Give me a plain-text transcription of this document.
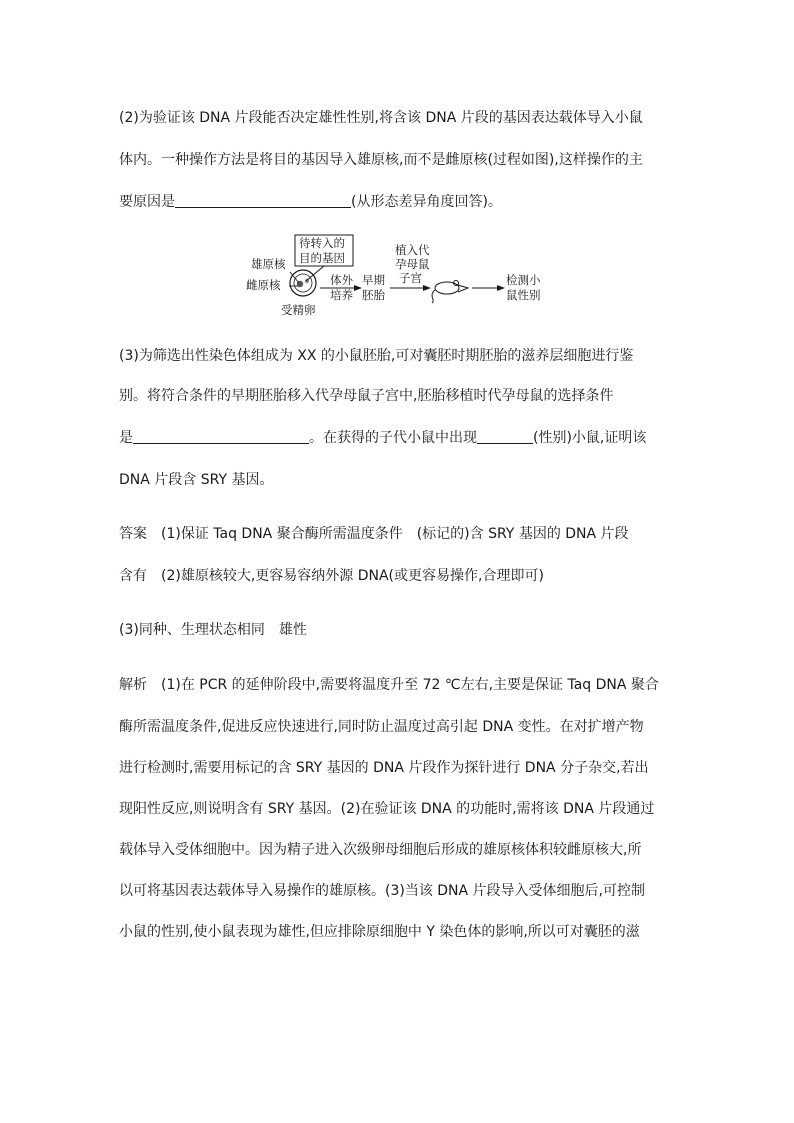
(2)为验证该 DNA 片段能否决定雄性性别,将含该 DNA 片段的基因表达载体导入小鼠
体内。一种操作方法是将目的基因导入雄原核,而不是雌原核(过程如图),这样操作的主
要原因是	(从形态差异角度回答)。
雄原核
雌原核
待转入的
目的基因
受精卵
体外
培养
早期
胚胎
植入代
孕母鼠
子宫	检测小
鼠性别
(3)为筛选出性染色体组成为 XX 的小鼠胚胎,可对囊胚时期胚胎的滋养层细胞进行鉴
别。将符合条件的早期胚胎移入代孕母鼠子宫中,胚胎移植时代孕母鼠的选择条件
是	。在获得的子代小鼠中出现	(性别)小鼠,证明该
DNA 片段含 SRY 基因。
答案 (1)保证 Taq DNA 聚合酶所需温度条件 (标记的)含 SRY 基因的 DNA 片段
含有 (2)雄原核较大,更容易容纳外源 DNA(或更容易操作,合理即可)
(3)同种、生理状态相同 雄性
解析 (1)在 PCR 的延伸阶段中,需要将温度升至 72 ℃左右,主要是保证 Taq DNA 聚合
酶所需温度条件,促进反应快速进行,同时防止温度过高引起 DNA 变性。在对扩增产物
进行检测时,需要用标记的含 SRY 基因的 DNA 片段作为探针进行 DNA 分子杂交,若出
现阳性反应,则说明含有 SRY 基因。(2)在验证该 DNA 的功能时,需将该 DNA 片段通过
载体导入受体细胞中。因为精子进入次级卵母细胞后形成的雄原核体积较雌原核大,所
以可将基因表达载体导入易操作的雄原核。(3)当该 DNA 片段导入受体细胞后,可控制
小鼠的性别,使小鼠表现为雄性,但应排除原细胞中 Y 染色体的影响,所以可对囊胚的滋
